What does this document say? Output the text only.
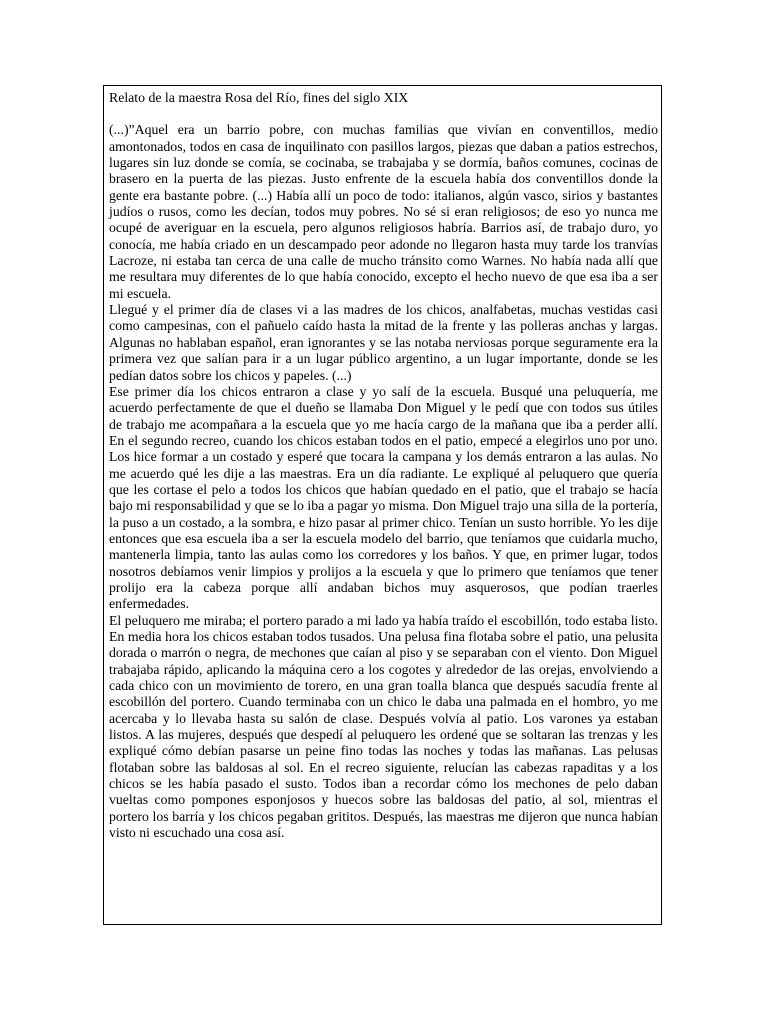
Relato de la maestra Rosa del Río, fines del siglo XIX

(...)”Aquel era un barrio pobre, con muchas familias que vivían en conventillos, medio amontonados, todos en casa de inquilinato con pasillos largos, piezas que daban a patios estrechos, lugares sin luz donde se comía, se cocinaba, se trabajaba y se dormía, baños comunes, cocinas de brasero en la puerta de las piezas. Justo enfrente de la escuela había dos conventillos donde la gente era bastante pobre. (...) Había allí un poco de todo: italianos, algún vasco, sirios y bastantes judíos o rusos, como les decían, todos muy pobres. No sé si eran religiosos; de eso yo nunca me ocupé de averiguar en la escuela, pero algunos religiosos habría. Barrios así, de trabajo duro, yo conocía, me había criado en un descampado peor adonde no llegaron hasta muy tarde los tranvías Lacroze, ni estaba tan cerca de una calle de mucho tránsito como Warnes. No había nada allí que me resultara muy diferentes de lo que había conocido, excepto el hecho nuevo de que esa iba a ser mi escuela.

Llegué y el primer día de clases vi a las madres de los chicos, analfabetas, muchas vestidas casi como campesinas, con el pañuelo caído hasta la mitad de la frente y las polleras anchas y largas. Algunas no hablaban español, eran ignorantes y se las notaba nerviosas porque seguramente era la primera vez que salían para ir a un lugar público argentino, a un lugar importante, donde se les pedían datos sobre los chicos y papeles. (...)

Ese primer día los chicos entraron a clase y yo salí de la escuela. Busqué una peluquería, me acuerdo perfectamente de que el dueño se llamaba Don Miguel y le pedí que con todos sus útiles de trabajo me acompañara a la escuela que yo me hacía cargo de la mañana que iba a perder allí. En el segundo recreo, cuando los chicos estaban todos en el patio, empecé a elegirlos uno por uno. Los hice formar a un costado y esperé que tocara la campana y los demás entraron a las aulas. No me acuerdo qué les dije a las maestras. Era un día radiante. Le expliqué al peluquero que quería que les cortase el pelo a todos los chicos que habían quedado en el patio, que el trabajo se hacía bajo mi responsabilidad y que se lo iba a pagar yo misma. Don Miguel trajo una silla de la portería, la puso a un costado, a la sombra, e hizo pasar al primer chico. Tenían un susto horrible. Yo les dije entonces que esa escuela iba a ser la escuela modelo del barrio, que teníamos que cuidarla mucho, mantenerla limpia, tanto las aulas como los corredores y los baños. Y que, en primer lugar, todos nosotros debíamos venir limpios y prolijos a la escuela y que lo primero que teníamos que tener prolijo era la cabeza porque allí andaban bichos muy asquerosos, que podían traerles enfermedades.

El peluquero me miraba; el portero parado a mi lado ya había traído el escobillón, todo estaba listo. En media hora los chicos estaban todos tusados. Una pelusa fina flotaba sobre el patio, una pelusita dorada o marrón o negra, de mechones que caían al piso y se separaban con el viento. Don Miguel trabajaba rápido, aplicando la máquina cero a los cogotes y alrededor de las orejas, envolviendo a cada chico con un movimiento de torero, en una gran toalla blanca que después sacudía frente al escobillón del portero. Cuando terminaba con un chico le daba una palmada en el hombro, yo me acercaba y lo llevaba hasta su salón de clase. Después volvía al patio. Los varones ya estaban listos. A las mujeres, después que despedí al peluquero les ordené que se soltaran las trenzas y les expliqué cómo debían pasarse un peine fino todas las noches y todas las mañanas. Las pelusas flotaban sobre las baldosas al sol. En el recreo siguiente, relucían las cabezas rapaditas y a los chicos se les había pasado el susto. Todos iban a recordar cómo los mechones de pelo daban vueltas como pompones esponjosos y huecos sobre las baldosas del patio, al sol, mientras el portero los barría y los chicos pegaban grititos. Después, las maestras me dijeron que nunca habían visto ni escuchado una cosa así.
